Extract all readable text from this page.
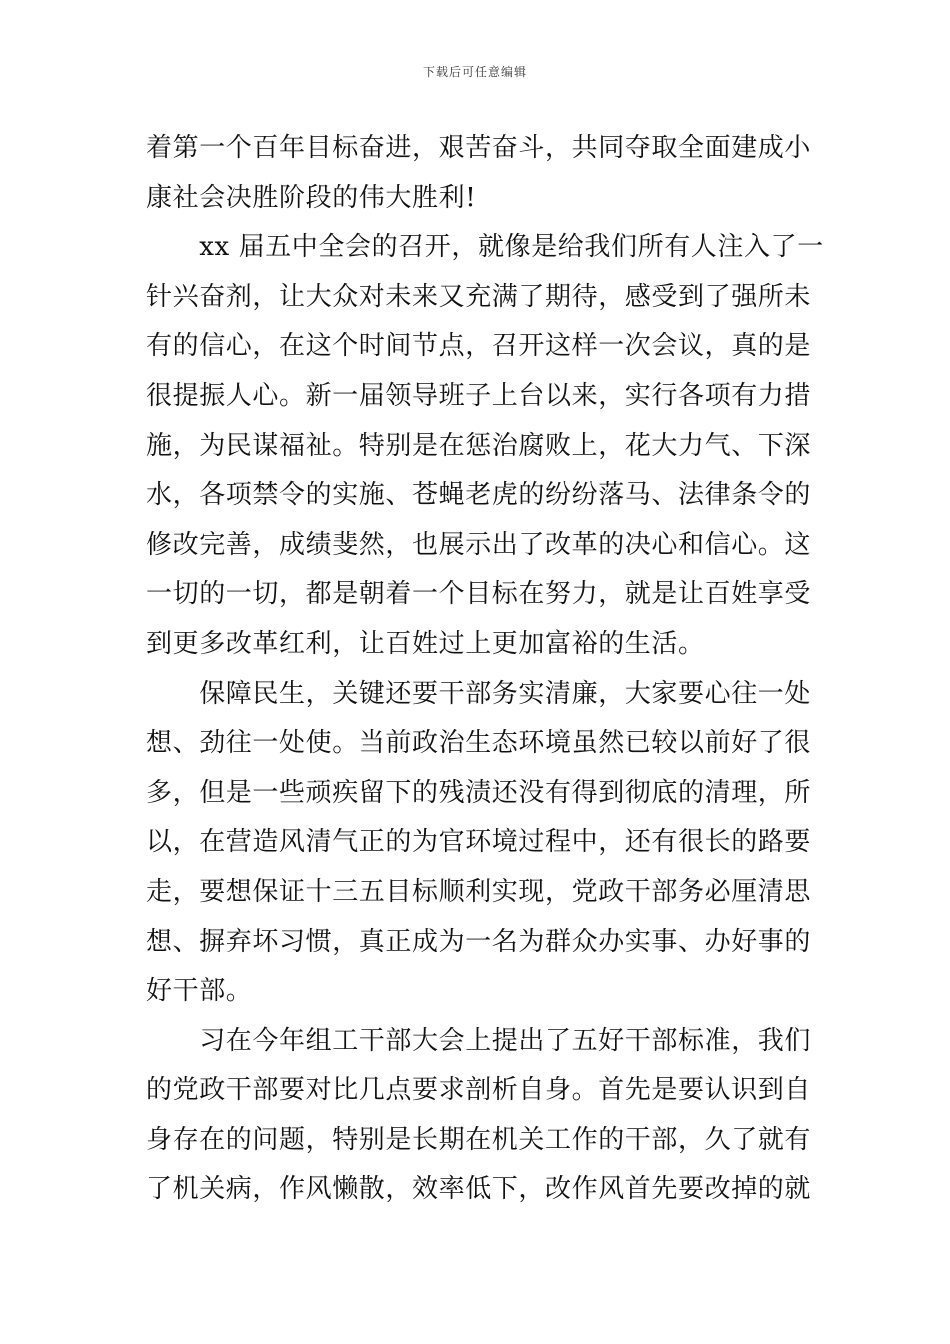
下载后可任意编辑
着第一个百年目标奋进，艰苦奋斗，共同夺取全面建成小
康社会决胜阶段的伟大胜利!
　　xx 届五中全会的召开，就像是给我们所有人注入了一
针兴奋剂，让大众对未来又充满了期待，感受到了强所未
有的信心，在这个时间节点，召开这样一次会议，真的是
很提振人心。新一届领导班子上台以来，实行各项有力措
施，为民谋福祉。特别是在惩治腐败上，花大力气、下深
水，各项禁令的实施、苍蝇老虎的纷纷落马、法律条令的
修改完善，成绩斐然，也展示出了改革的决心和信心。这
一切的一切，都是朝着一个目标在努力，就是让百姓享受
到更多改革红利，让百姓过上更加富裕的生活。
　　保障民生，关键还要干部务实清廉，大家要心往一处
想、劲往一处使。当前政治生态环境虽然已较以前好了很
多，但是一些顽疾留下的残渍还没有得到彻底的清理，所
以，在营造风清气正的为官环境过程中，还有很长的路要
走，要想保证十三五目标顺利实现，党政干部务必厘清思
想、摒弃坏习惯，真正成为一名为群众办实事、办好事的
好干部。
　　习在今年组工干部大会上提出了五好干部标准，我们
的党政干部要对比几点要求剖析自身。首先是要认识到自
身存在的问题，特别是长期在机关工作的干部，久了就有
了机关病，作风懒散，效率低下，改作风首先要改掉的就
